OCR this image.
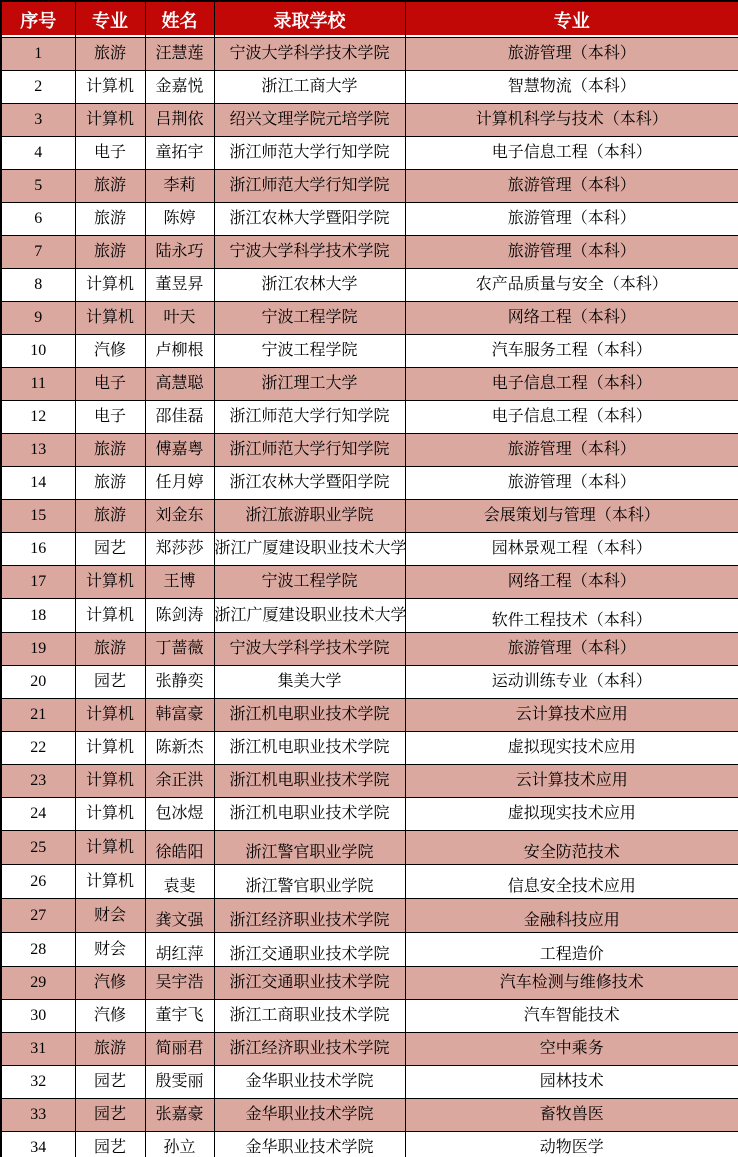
序号	专业	姓名	录取学校	专业
1	旅游	汪慧莲	宁波大学科学技术学院	旅游管理（本科）
2	计算机	金嘉悦	浙江工商大学	智慧物流（本科）
3	计算机	吕荆依	绍兴文理学院元培学院	计算机科学与技术（本科）
4	电子	童拓宇	浙江师范大学行知学院	电子信息工程（本科）
5	旅游	李莉	浙江师范大学行知学院	旅游管理（本科）
6	旅游	陈婷	浙江农林大学暨阳学院	旅游管理（本科）
7	旅游	陆永巧	宁波大学科学技术学院	旅游管理（本科）
8	计算机	董昱昇	浙江农林大学	农产品质量与安全（本科）
9	计算机	叶天	宁波工程学院	网络工程（本科）
10	汽修	卢柳根	宁波工程学院	汽车服务工程（本科）
11	电子	高慧聪	浙江理工大学	电子信息工程（本科）
12	电子	邵佳磊	浙江师范大学行知学院	电子信息工程（本科）
13	旅游	傅嘉粤	浙江师范大学行知学院	旅游管理（本科）
14	旅游	任月婷	浙江农林大学暨阳学院	旅游管理（本科）
15	旅游	刘金东	浙江旅游职业学院	会展策划与管理（本科）
16	园艺	郑莎莎	浙江广厦建设职业技术大学	园林景观工程（本科）
17	计算机	王博	宁波工程学院	网络工程（本科）
18	计算机	陈剑涛	浙江广厦建设职业技术大学	软件工程技术（本科）
19	旅游	丁蔷薇	宁波大学科学技术学院	旅游管理（本科）
20	园艺	张静奕	集美大学	运动训练专业（本科）
21	计算机	韩富豪	浙江机电职业技术学院	云计算技术应用
22	计算机	陈新杰	浙江机电职业技术学院	虚拟现实技术应用
23	计算机	余正洪	浙江机电职业技术学院	云计算技术应用
24	计算机	包冰煜	浙江机电职业技术学院	虚拟现实技术应用
25	计算机	徐皓阳	浙江警官职业学院	安全防范技术
26	计算机	袁斐	浙江警官职业学院	信息安全技术应用
27	财会	龚文强	浙江经济职业技术学院	金融科技应用
28	财会	胡红萍	浙江交通职业技术学院	工程造价
29	汽修	吴宇浩	浙江交通职业技术学院	汽车检测与维修技术
30	汽修	董宇飞	浙江工商职业技术学院	汽车智能技术
31	旅游	简丽君	浙江经济职业技术学院	空中乘务
32	园艺	殷雯丽	金华职业技术学院	园林技术
33	园艺	张嘉豪	金华职业技术学院	畜牧兽医
34	园艺	孙立	金华职业技术学院	动物医学
